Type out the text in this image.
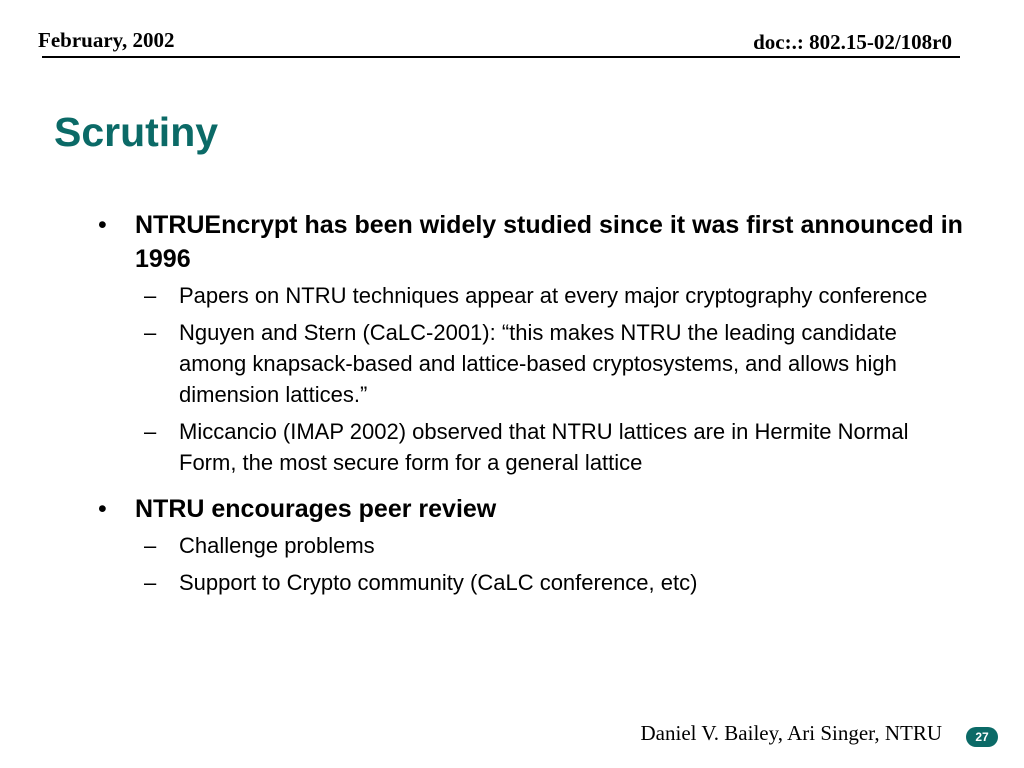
February, 2002	doc:.: 802.15-02/108r0
Scrutiny
• NTRUEncrypt has been widely studied since it was first announced in 1996
– Papers on NTRU techniques appear at every major cryptography conference
– Nguyen and Stern (CaLC-2001): “this makes NTRU the leading candidate among knapsack-based and lattice-based cryptosystems, and allows high dimension lattices.”
– Miccancio (IMAP 2002) observed that NTRU lattices are in Hermite Normal Form, the most secure form for a general lattice
• NTRU encourages peer review
– Challenge problems
– Support to Crypto community (CaLC conference, etc)
Daniel V. Bailey, Ari Singer, NTRU	27
